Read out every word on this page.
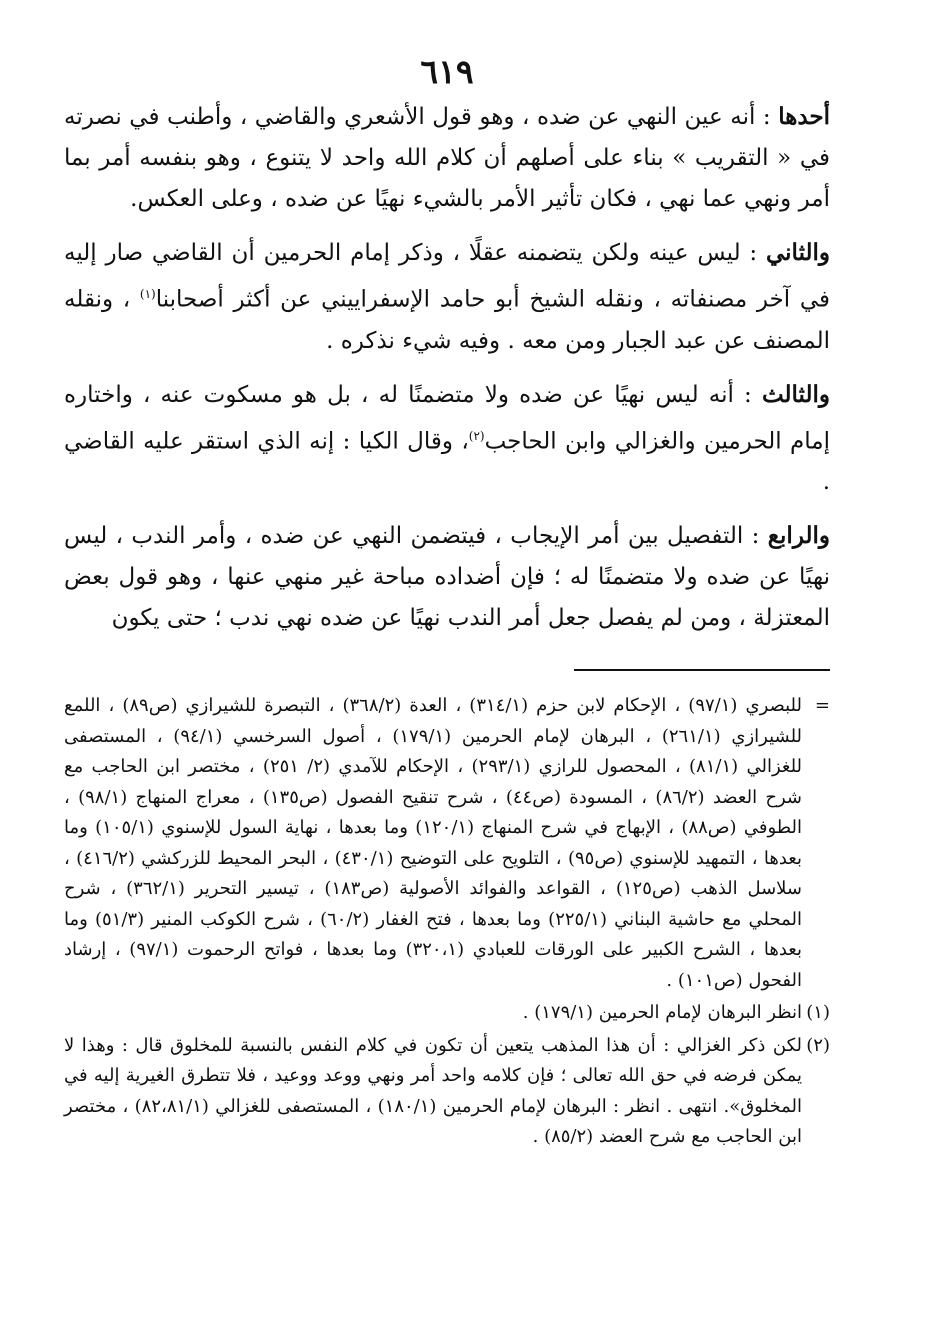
٦١٩

أحدها : أنه عين النهي عن ضده ، وهو قول الأشعري والقاضي ، وأطنب في نصرته في « التقريب » بناء على أصلهم أن كلام الله واحد لا يتنوع ، وهو بنفسه أمر بما أمر ونهي عما نهي ، فكان تأثير الأمر بالشيء نهيًا عن ضده ، وعلى العكس.

والثاني : ليس عينه ولكن يتضمنه عقلًا ، وذكر إمام الحرمين أن القاضي صار إليه في آخر مصنفاته ، ونقله الشيخ أبو حامد الإسفراييني عن أكثر أصحابنا$^{(١)}$ ، ونقله المصنف عن عبد الجبار ومن معه . وفيه شيء نذكره .

والثالث : أنه ليس نهيًا عن ضده ولا متضمنًا له ، بل هو مسكوت عنه ، واختاره إمام الحرمين والغزالي وابن الحاجب$^{(٢)}$، وقال الكيا : إنه الذي استقر عليه القاضي .

والرابع : التفصيل بين أمر الإيجاب ، فيتضمن النهي عن ضده ، وأمر الندب ، ليس نهيًا عن ضده ولا متضمنًا له ؛ فإن أضداده مباحة غير منهي عنها ، وهو قول بعض المعتزلة ، ومن لم يفصل جعل أمر الندب نهيًا عن ضده نهي ندب ؛ حتى يكون

=
للبصري (٩٧/١) ، الإحكام لابن حزم (٣١٤/١) ، العدة (٣٦٨/٢) ، التبصرة للشيرازي (ص٨٩) ، اللمع للشيرازي (٢٦١/١) ، البرهان لإمام الحرمين (١٧٩/١) ، أصول السرخسي (٩٤/١) ، المستصفى للغزالي (٨١/١) ، المحصول للرازي (٢٩٣/١) ، الإحكام للآمدي (٢/ ٢٥١) ، مختصر ابن الحاجب مع شرح العضد (٨٦/٢) ، المسودة (ص٤٤) ، شرح تنقيح الفصول (ص١٣٥) ، معراج المنهاج (٩٨/١) ، الطوفي (ص٨٨) ، الإبهاج في شرح المنهاج (١٢٠/١) وما بعدها ، نهاية السول للإسنوي (١٠٥/١) وما بعدها ، التمهيد للإسنوي (ص٩٥) ، التلويح على التوضيح (٤٣٠/١) ، البحر المحيط للزركشي (٤١٦/٢) ، سلاسل الذهب (ص١٢٥) ، القواعد والفوائد الأصولية (ص١٨٣) ، تيسير التحرير (٣٦٢/١) ، شرح المحلي مع حاشية البناني (٢٢٥/١) وما بعدها ، فتح الغفار (٦٠/٢) ، شرح الكوكب المنير (٥١/٣) وما بعدها ، الشرح الكبير على الورقات للعبادي (٣٢٠،١) وما بعدها ، فواتح الرحموت (٩٧/١) ، إرشاد الفحول (ص١٠١) .
(١)
انظر البرهان لإمام الحرمين (١٧٩/١) .
(٢)
لكن ذكر الغزالي : أن هذا المذهب يتعين أن تكون في كلام النفس بالنسبة للمخلوق قال : وهذا لا يمكن فرضه في حق الله تعالى ؛ فإن كلامه واحد أمر ونهي ووعد ووعيد ، فلا تتطرق الغيرية إليه في المخلوق». انتهى . انظر : البرهان لإمام الحرمين (١٨٠/١) ، المستصفى للغزالي (٨٢،٨١/١) ، مختصر ابن الحاجب مع شرح العضد (٨٥/٢) .
